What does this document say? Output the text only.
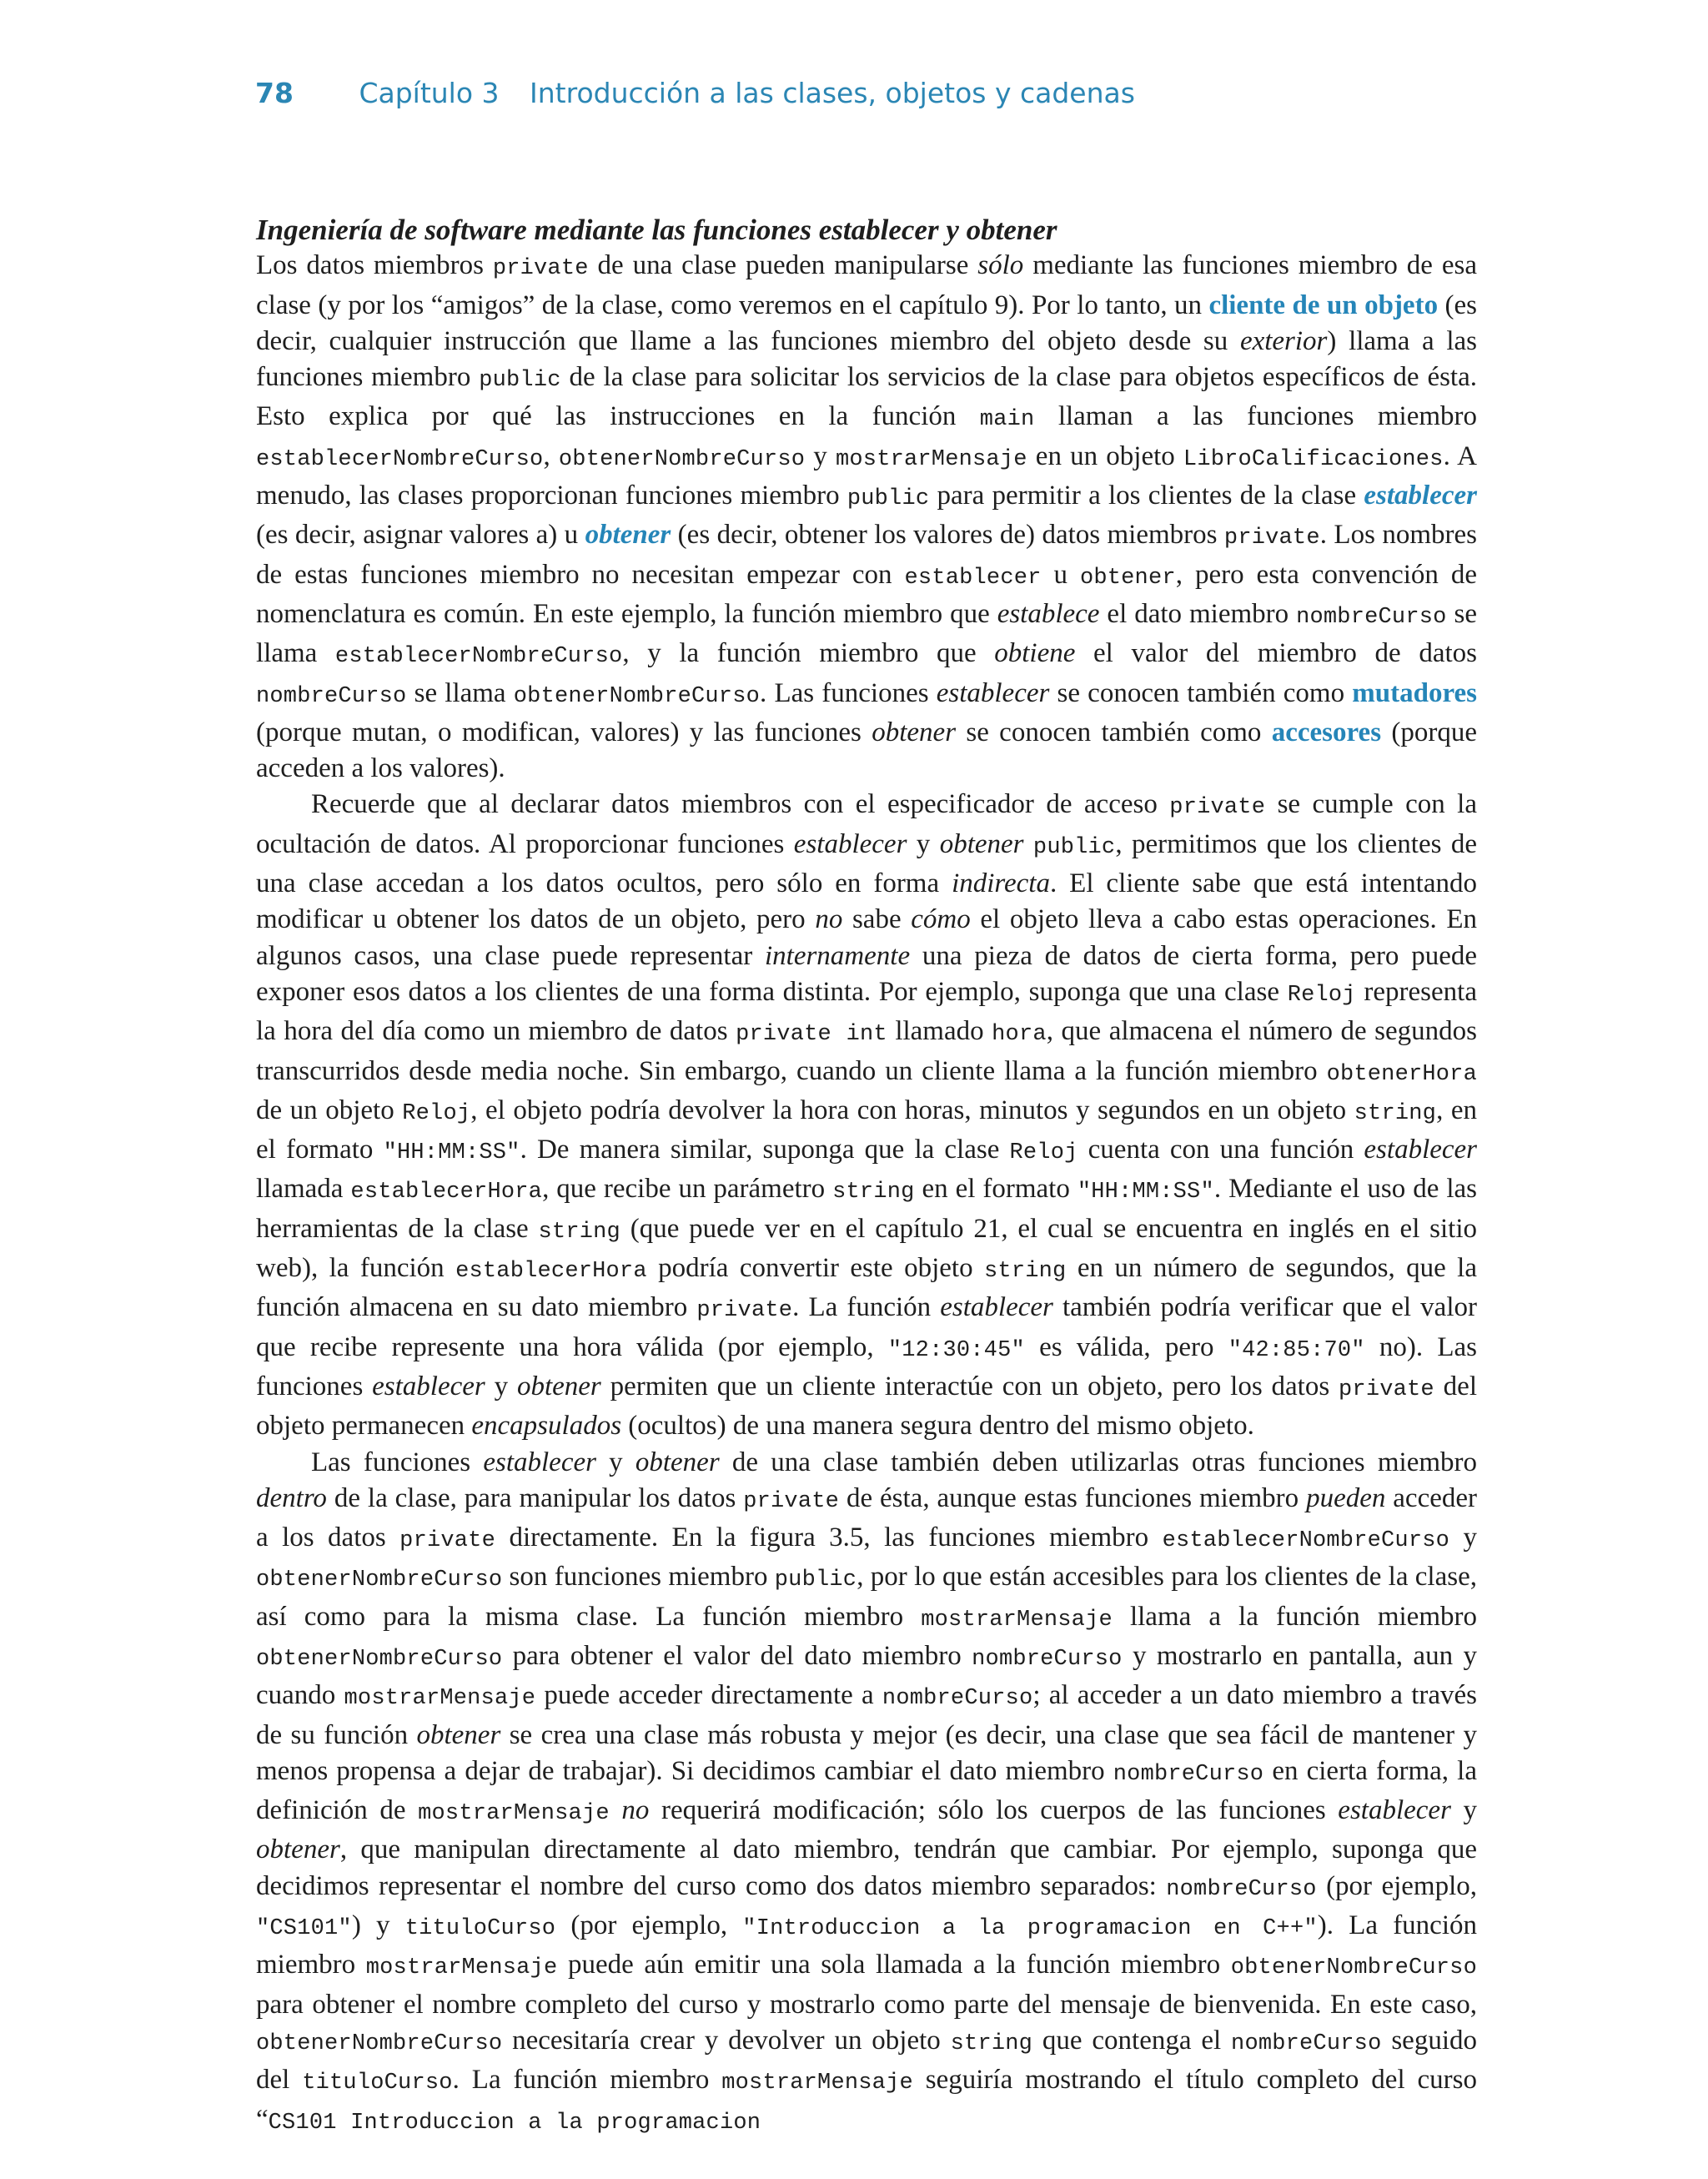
78 Capítulo 3 Introducción a las clases, objetos y cadenas
Ingeniería de software mediante las funciones establecer y obtener

Los datos miembros private de una clase pueden manipularse sólo mediante las funciones miembro de esa clase (y por los “amigos” de la clase, como veremos en el capítulo 9). Por lo tanto, un cliente de un objeto (es decir, cualquier instrucción que llame a las funciones miembro del objeto desde su exterior) llama a las funciones miembro public de la clase para solicitar los servicios de la clase para objetos específicos de ésta. Esto explica por qué las instrucciones en la función main llaman a las funciones miembro establecerNombreCurso, obtenerNombreCurso y mostrarMensaje en un objeto LibroCalificaciones. A menudo, las clases proporcionan funciones miembro public para permitir a los clientes de la clase establecer (es decir, asignar valores a) u obtener (es decir, obtener los valores de) datos miembros private. Los nombres de estas funciones miembro no necesitan empezar con establecer u obtener, pero esta convención de nomenclatura es común. En este ejemplo, la función miembro que establece el dato miembro nombreCurso se llama establecerNombreCurso, y la función miembro que obtiene el valor del miembro de datos nombreCurso se llama obtenerNombreCurso. Las funciones establecer se conocen también como mutadores (porque mutan, o modifican, valores) y las funciones obtener se conocen también como accesores (porque acceden a los valores).

Recuerde que al declarar datos miembros con el especificador de acceso private se cumple con la ocultación de datos. Al proporcionar funciones establecer y obtener public, permitimos que los clientes de una clase accedan a los datos ocultos, pero sólo en forma indirecta. El cliente sabe que está intentando modificar u obtener los datos de un objeto, pero no sabe cómo el objeto lleva a cabo estas operaciones. En algunos casos, una clase puede representar internamente una pieza de datos de cierta forma, pero puede exponer esos datos a los clientes de una forma distinta. Por ejemplo, suponga que una clase Reloj representa la hora del día como un miembro de datos private int llamado hora, que almacena el número de segundos transcurridos desde media noche. Sin embargo, cuando un cliente llama a la función miembro obtenerHora de un objeto Reloj, el objeto podría devolver la hora con horas, minutos y segundos en un objeto string, en el formato "HH:MM:SS". De manera similar, suponga que la clase Reloj cuenta con una función establecer llamada establecerHora, que recibe un parámetro string en el formato "HH:MM:SS". Mediante el uso de las herramientas de la clase string (que puede ver en el capítulo 21, el cual se encuentra en inglés en el sitio web), la función establecerHora podría convertir este objeto string en un número de segundos, que la función almacena en su dato miembro private. La función establecer también podría verificar que el valor que recibe represente una hora válida (por ejemplo, "12:30:45" es válida, pero "42:85:70" no). Las funciones establecer y obtener permiten que un cliente interactúe con un objeto, pero los datos private del objeto permanecen encapsulados (ocultos) de una manera segura dentro del mismo objeto.

Las funciones establecer y obtener de una clase también deben utilizarlas otras funciones miembro dentro de la clase, para manipular los datos private de ésta, aunque estas funciones miembro pueden acceder a los datos private directamente. En la figura 3.5, las funciones miembro establecerNombreCurso y obtenerNombreCurso son funciones miembro public, por lo que están accesibles para los clientes de la clase, así como para la misma clase. La función miembro mostrarMensaje llama a la función miembro obtenerNombreCurso para obtener el valor del dato miembro nombreCurso y mostrarlo en pantalla, aun y cuando mostrarMensaje puede acceder directamente a nombreCurso; al acceder a un dato miembro a través de su función obtener se crea una clase más robusta y mejor (es decir, una clase que sea fácil de mantener y menos propensa a dejar de trabajar). Si decidimos cambiar el dato miembro nombreCurso en cierta forma, la definición de mostrarMensaje no requerirá modificación; sólo los cuerpos de las funciones establecer y obtener, que manipulan directamente al dato miembro, tendrán que cambiar. Por ejemplo, suponga que decidimos representar el nombre del curso como dos datos miembro separados: nombreCurso (por ejemplo, "CS101") y tituloCurso (por ejemplo, "Introduccion a la programacion en C++"). La función miembro mostrarMensaje puede aún emitir una sola llamada a la función miembro obtenerNombreCurso para obtener el nombre completo del curso y mostrarlo como parte del mensaje de bienvenida. En este caso, obtenerNombreCurso necesitaría crear y devolver un objeto string que contenga el nombreCurso seguido del tituloCurso. La función miembro mostrarMensaje seguiría mostrando el título completo del curso “CS101 Introduccion a la programacion
